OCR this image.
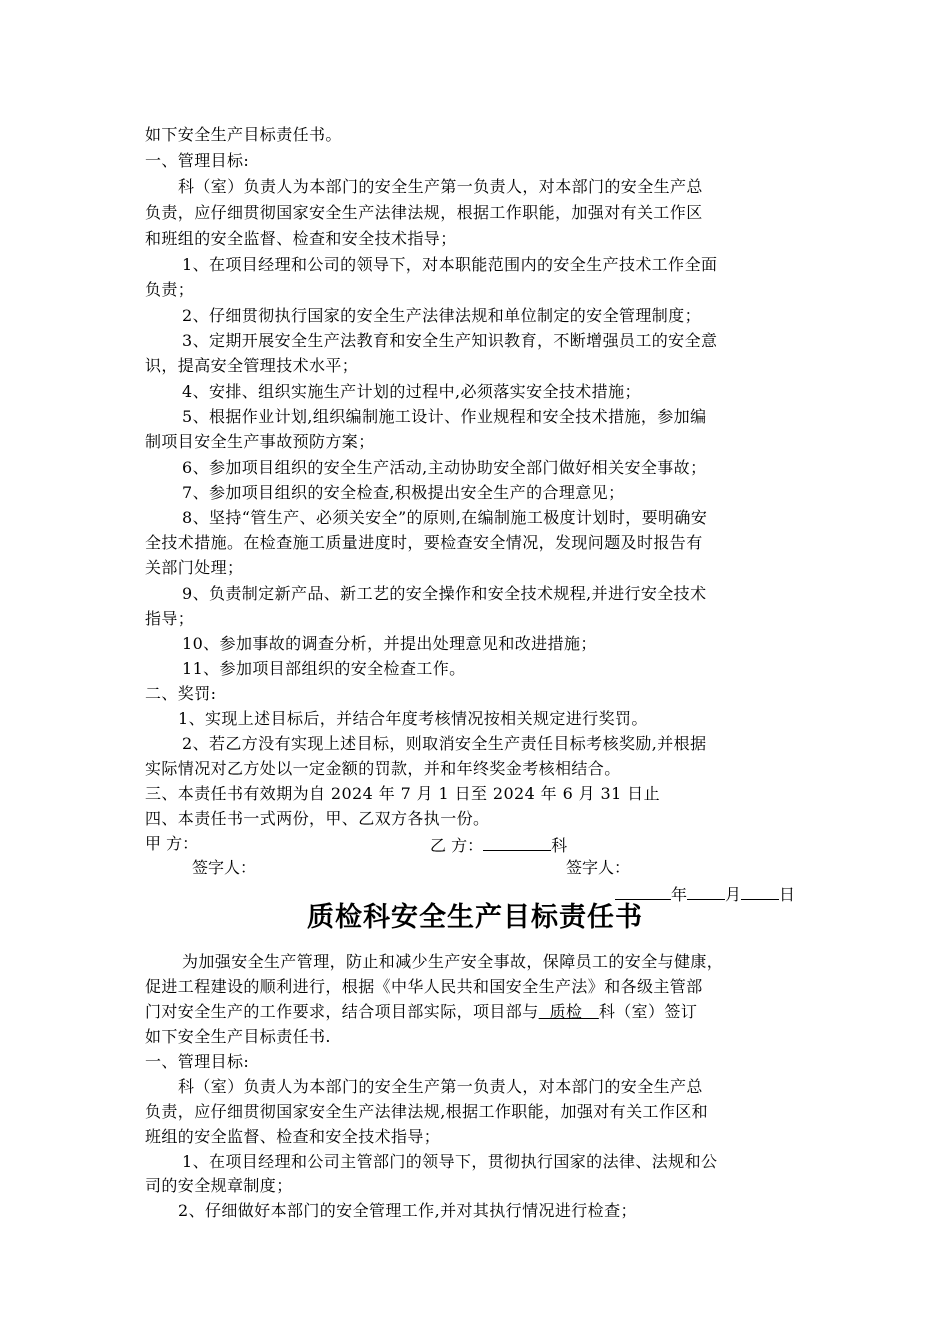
如下安全生产目标责任书。
一、管理目标:
科（室）负责人为本部门的安全生产第一负责人，对本部门的安全生产总
负责，应仔细贯彻国家安全生产法律法规，根据工作职能，加强对有关工作区
和班组的安全监督、检查和安全技术指导；
1、在项目经理和公司的领导下，对本职能范围内的安全生产技术工作全面
负责；
2、仔细贯彻执行国家的安全生产法律法规和单位制定的安全管理制度；
3、定期开展安全生产法教育和安全生产知识教育，不断增强员工的安全意
识，提高安全管理技术水平；
4、安排、组织实施生产计划的过程中,必须落实安全技术措施；
5、根据作业计划,组织编制施工设计、作业规程和安全技术措施，参加编
制项目安全生产事故预防方案；
6、参加项目组织的安全生产活动,主动协助安全部门做好相关安全事故；
7、参加项目组织的安全检查,积极提出安全生产的合理意见；
8、坚持“管生产、必须关安全”的原则,在编制施工极度计划时，要明确安
全技术措施。在检查施工质量进度时，要检查安全情况，发现问题及时报告有
关部门处理；
9、负责制定新产品、新工艺的安全操作和安全技术规程,并进行安全技术
指导；
10、参加事故的调查分析，并提出处理意见和改进措施；
11、参加项目部组织的安全检查工作。
二、奖罚:
1、实现上述目标后，并结合年度考核情况按相关规定进行奖罚。
2、若乙方没有实现上述目标，则取消安全生产责任目标考核奖励,并根据
实际情况对乙方处以一定金额的罚款，并和年终奖金考核相结合。
三、本责任书有效期为自 2024 年 7 月 1 日至 2024 年 6 月 31 日止
四、本责任书一式两份，甲、乙双方各执一份。
甲 方：	乙 方：	科
签字人：	签字人：
年 月 日
质检科安全生产目标责任书
为加强安全生产管理，防止和减少生产安全事故，保障员工的安全与健康，
促进工程建设的顺利进行，根据《中华人民共和国安全生产法》和各级主管部
门对安全生产的工作要求，结合项目部实际，项目部与  质检   科（室）签订
如下安全生产目标责任书.
一、管理目标:
科（室）负责人为本部门的安全生产第一负责人，对本部门的安全生产总
负责，应仔细贯彻国家安全生产法律法规,根据工作职能，加强对有关工作区和
班组的安全监督、检查和安全技术指导；
1、在项目经理和公司主管部门的领导下，贯彻执行国家的法律、法规和公
司的安全规章制度；
2、仔细做好本部门的安全管理工作,并对其执行情况进行检查；
